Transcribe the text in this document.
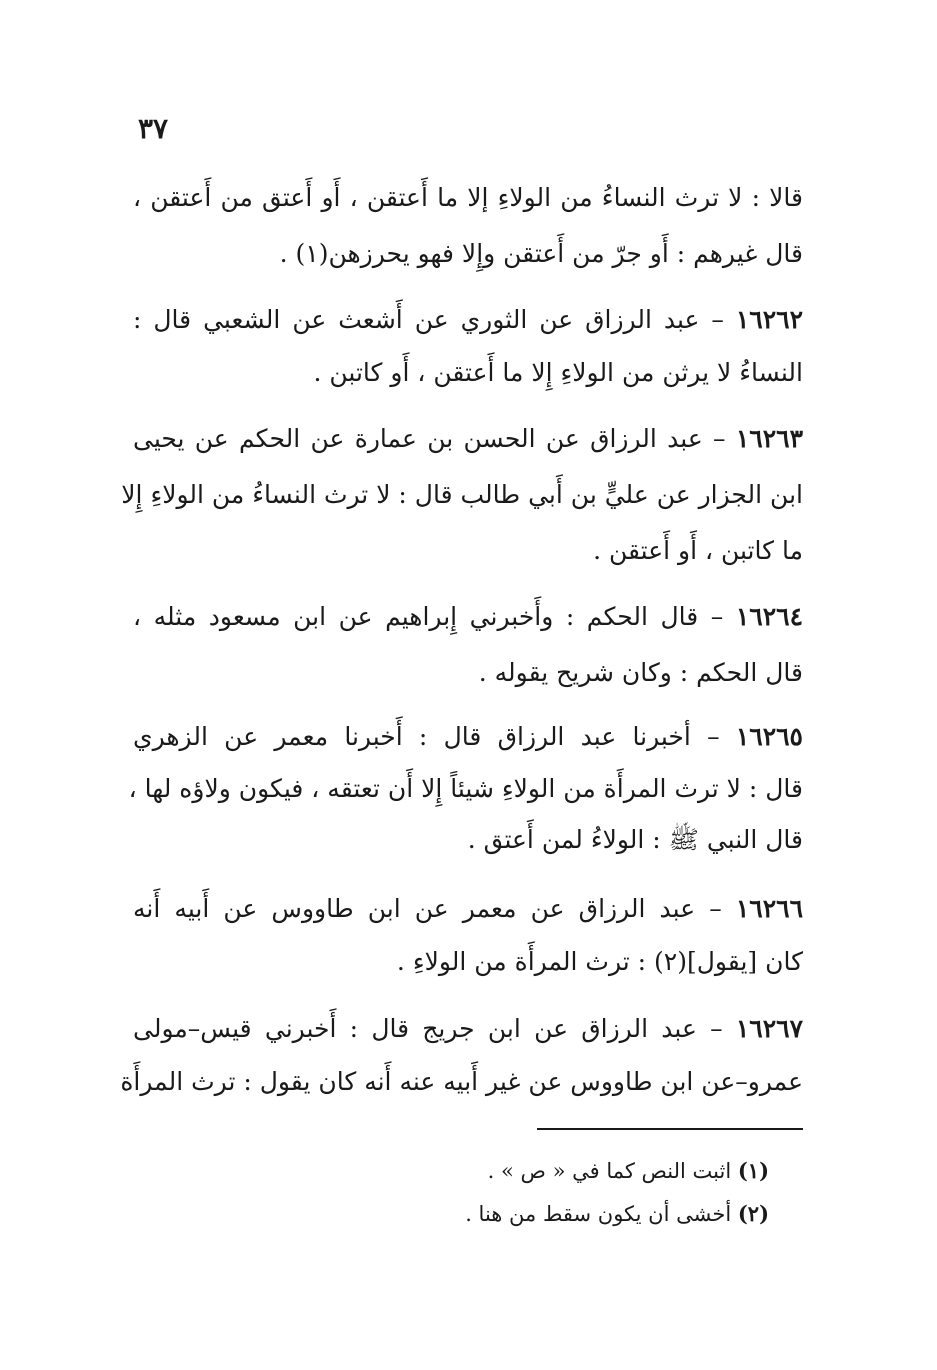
٣٧
قالا : لا ترث النساءُ من الولاءِ إلا ما أَعتقن ، أَو أَعتق من أَعتقن ،
قال غيرهم : أَو جرّ من أَعتقن وإِلا فهو يحرزهن(١) .
١٦٢٦٢ – عبد الرزاق عن الثوري عن أَشعث عن الشعبي قال :
النساءُ لا يرثن من الولاءِ إِلا ما أَعتقن ، أَو كاتبن .
١٦٢٦٣ – عبد الرزاق عن الحسن بن عمارة عن الحكم عن يحيى
ابن الجزار عن عليٍّ بن أَبي طالب قال : لا ترث النساءُ من الولاءِ إِلا
ما كاتبن ، أَو أَعتقن .
١٦٢٦٤ – قال الحكم : وأَخبرني إِبراهيم عن ابن مسعود مثله ،
قال الحكم : وكان شريح يقوله .
١٦٢٦٥ – أخبرنا عبد الرزاق قال : أَخبرنا معمر عن الزهري
قال : لا ترث المرأَة من الولاءِ شيئاً إِلا أَن تعتقه ، فيكون ولاؤه لها ،
قال النبي ﷺ : الولاءُ لمن أَعتق .
١٦٢٦٦ – عبد الرزاق عن معمر عن ابن طاووس عن أَبيه أَنه
كان [يقول](٢) : ترث المرأَة من الولاءِ .
١٦٢٦٧ – عبد الرزاق عن ابن جريج قال : أَخبرني قيس–مولى
عمرو–عن ابن طاووس عن غير أَبيه عنه أَنه كان يقول : ترث المرأَة
(١) اثبت النص كما في « ص » .
(٢) أخشى أن يكون سقط من هنا .
